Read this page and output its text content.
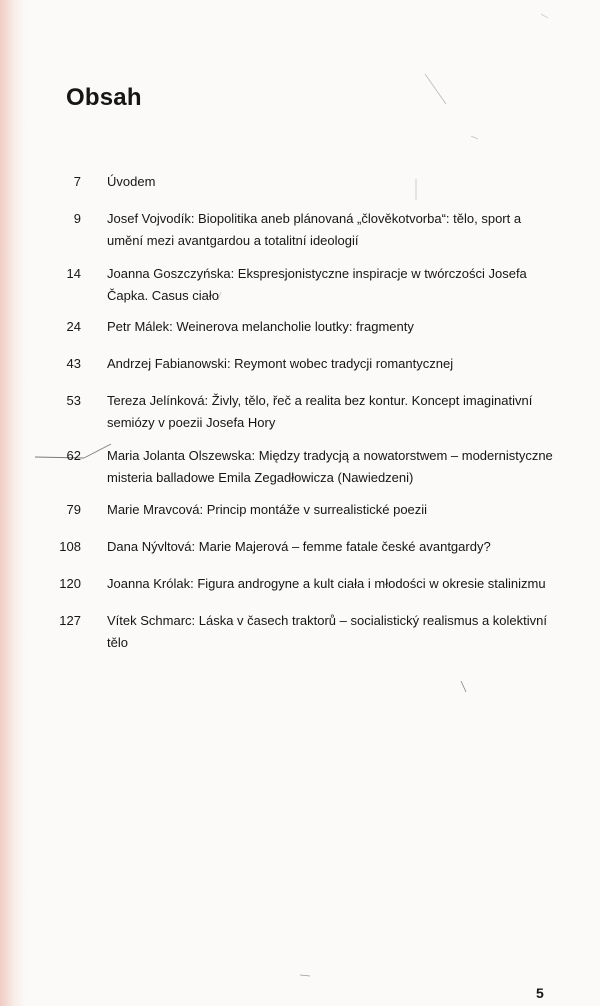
Obsah
7 Úvodem
9 Josef Vojvodík: Biopolitika aneb plánovaná „člověkotvorba“: tělo, sport a umění mezi avantgardou a totalitní ideologií
14 Joanna Goszczyńska: Ekspresjonistyczne inspiracje w twórczości Josefa Čapka. Casus ciało
24 Petr Málek: Weinerova melancholie loutky: fragmenty
43 Andrzej Fabianowski: Reymont wobec tradycji romantycznej
53 Tereza Jelínková: Živly, tělo, řeč a realita bez kontur. Koncept imaginativní semiózy v poezii Josefa Hory
62 Maria Jolanta Olszewska: Między tradycją a nowatorstwem – modernistyczne misteria balladowe Emila Zegadłowicza (Nawiedzeni)
79 Marie Mravcová: Princip montáže v surrealistické poezii
108 Dana Nývltová: Marie Majerová – femme fatale české avantgardy?
120 Joanna Królak: Figura androgyne a kult ciała i młodości w okresie stalinizmu
127 Vítek Schmarc: Láska v časech traktorů – socialistický realismus a kolektivní tělo
5
